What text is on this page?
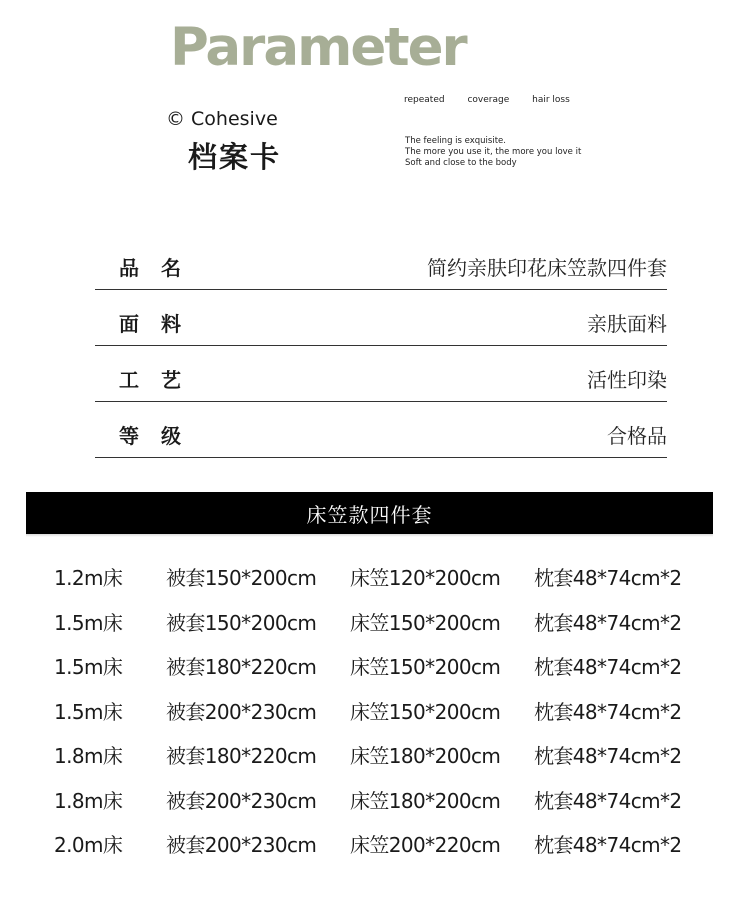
Parameter
© Cohesive
档案卡
repeated	coverage	hair loss
The feeling is exquisite.
The more you use it, the more you love it
Soft and close to the body
品名	简约亲肤印花床笠款四件套
面料	亲肤面料
工艺	活性印染
等级	合格品
床笠款四件套
1.2m床 被套150*200cm 床笠120*200cm 枕套48*74cm*2
1.5m床 被套150*200cm 床笠150*200cm 枕套48*74cm*2
1.5m床 被套180*220cm 床笠150*200cm 枕套48*74cm*2
1.5m床 被套200*230cm 床笠150*200cm 枕套48*74cm*2
1.8m床 被套180*220cm 床笠180*200cm 枕套48*74cm*2
1.8m床 被套200*230cm 床笠180*200cm 枕套48*74cm*2
2.0m床 被套200*230cm 床笠200*220cm 枕套48*74cm*2
